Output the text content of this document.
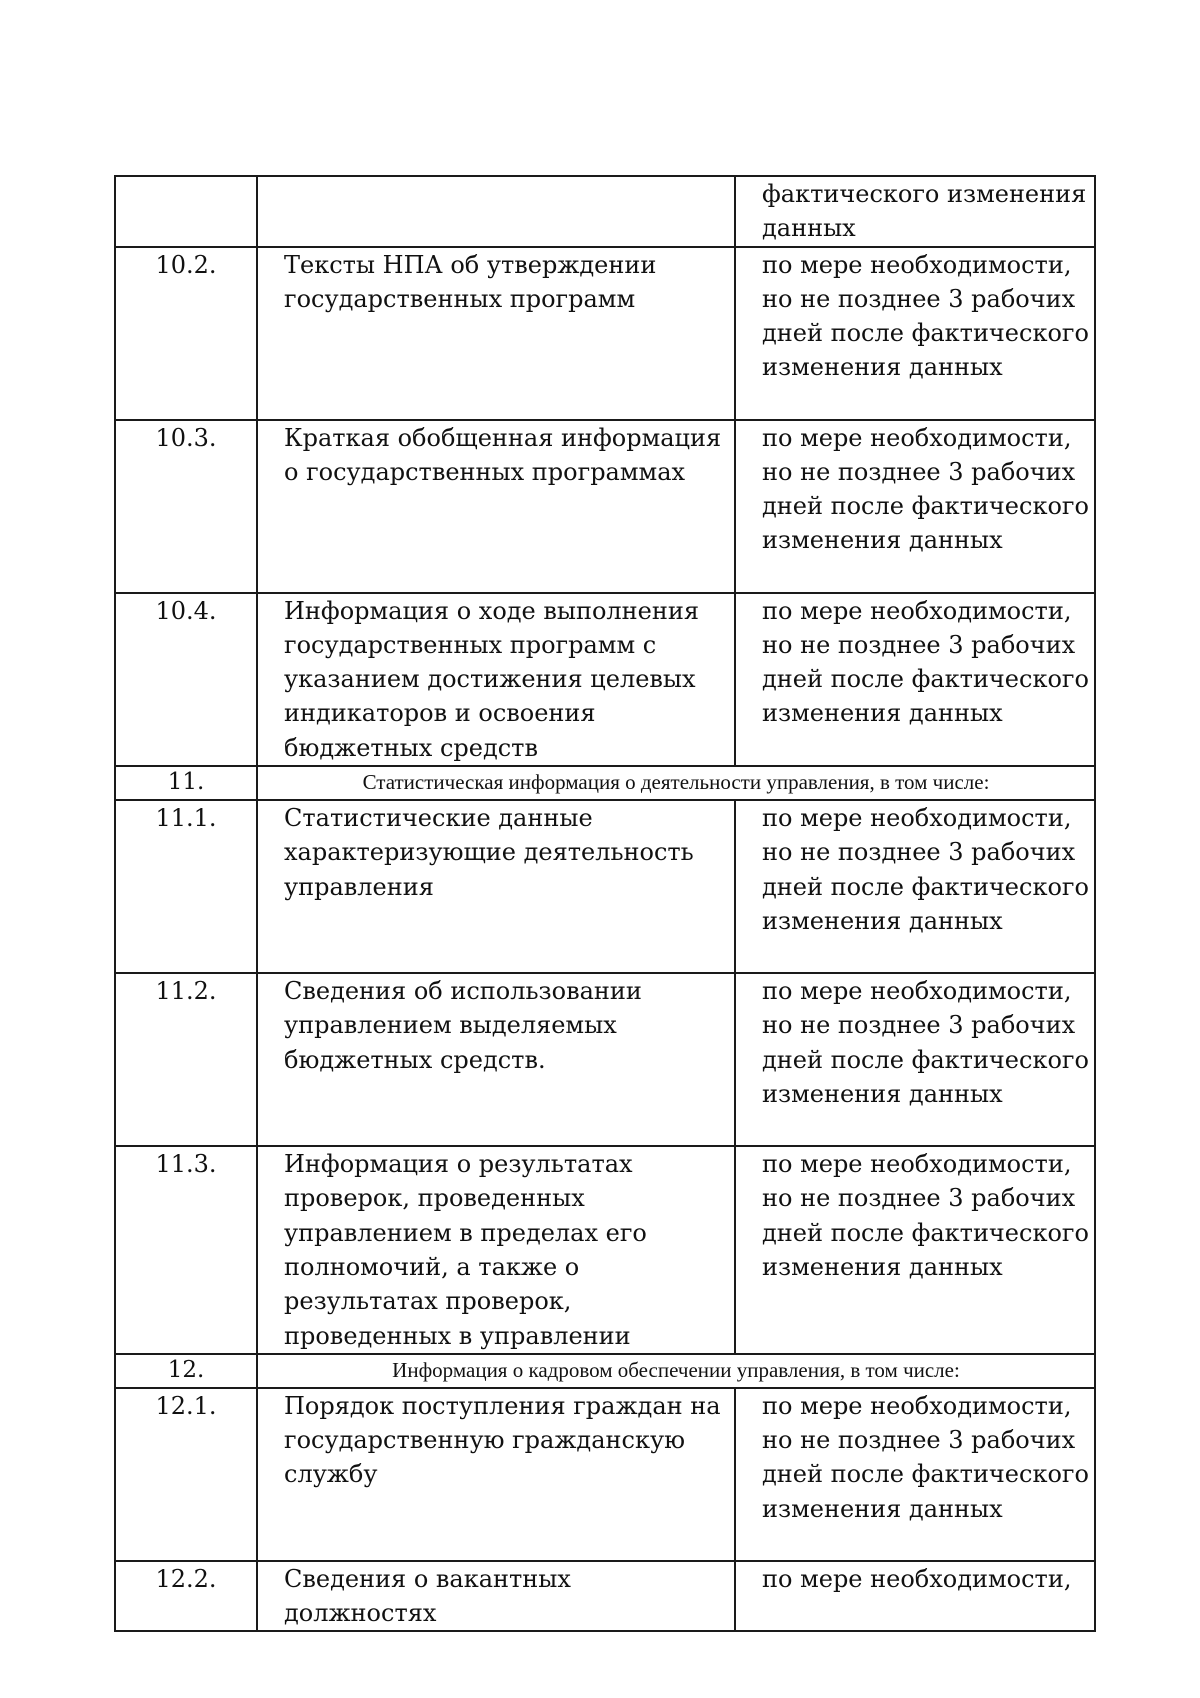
		фактического изменения данных
10.2.	Тексты НПА об утверждении государственных программ	по мере необходимости, но не позднее 3 рабочих дней после фактического изменения данных
10.3.	Краткая обобщенная информация о государственных программах	по мере необходимости, но не позднее 3 рабочих дней после фактического изменения данных
10.4.	Информация о ходе выполнения государственных программ с указанием достижения целевых индикаторов и освоения бюджетных средств	по мере необходимости, но не позднее 3 рабочих дней после фактического изменения данных
11.	Статистическая информация о деятельности управления, в том числе:	
11.1.	Статистические данные характеризующие деятельность управления	по мере необходимости, но не позднее 3 рабочих дней после фактического изменения данных
11.2.	Сведения об использовании управлением выделяемых бюджетных средств.	по мере необходимости, но не позднее 3 рабочих дней после фактического изменения данных
11.3.	Информация о результатах проверок, проведенных управлением в пределах его полномочий, а также о результатах проверок, проведенных в управлении	по мере необходимости, но не позднее 3 рабочих дней после фактического изменения данных
12.	Информация о кадровом обеспечении управления, в том числе:	
12.1.	Порядок поступления граждан на государственную гражданскую службу	по мере необходимости, но не позднее 3 рабочих дней после фактического изменения данных
12.2.	Сведения о вакантных должностях	по мере необходимости,
